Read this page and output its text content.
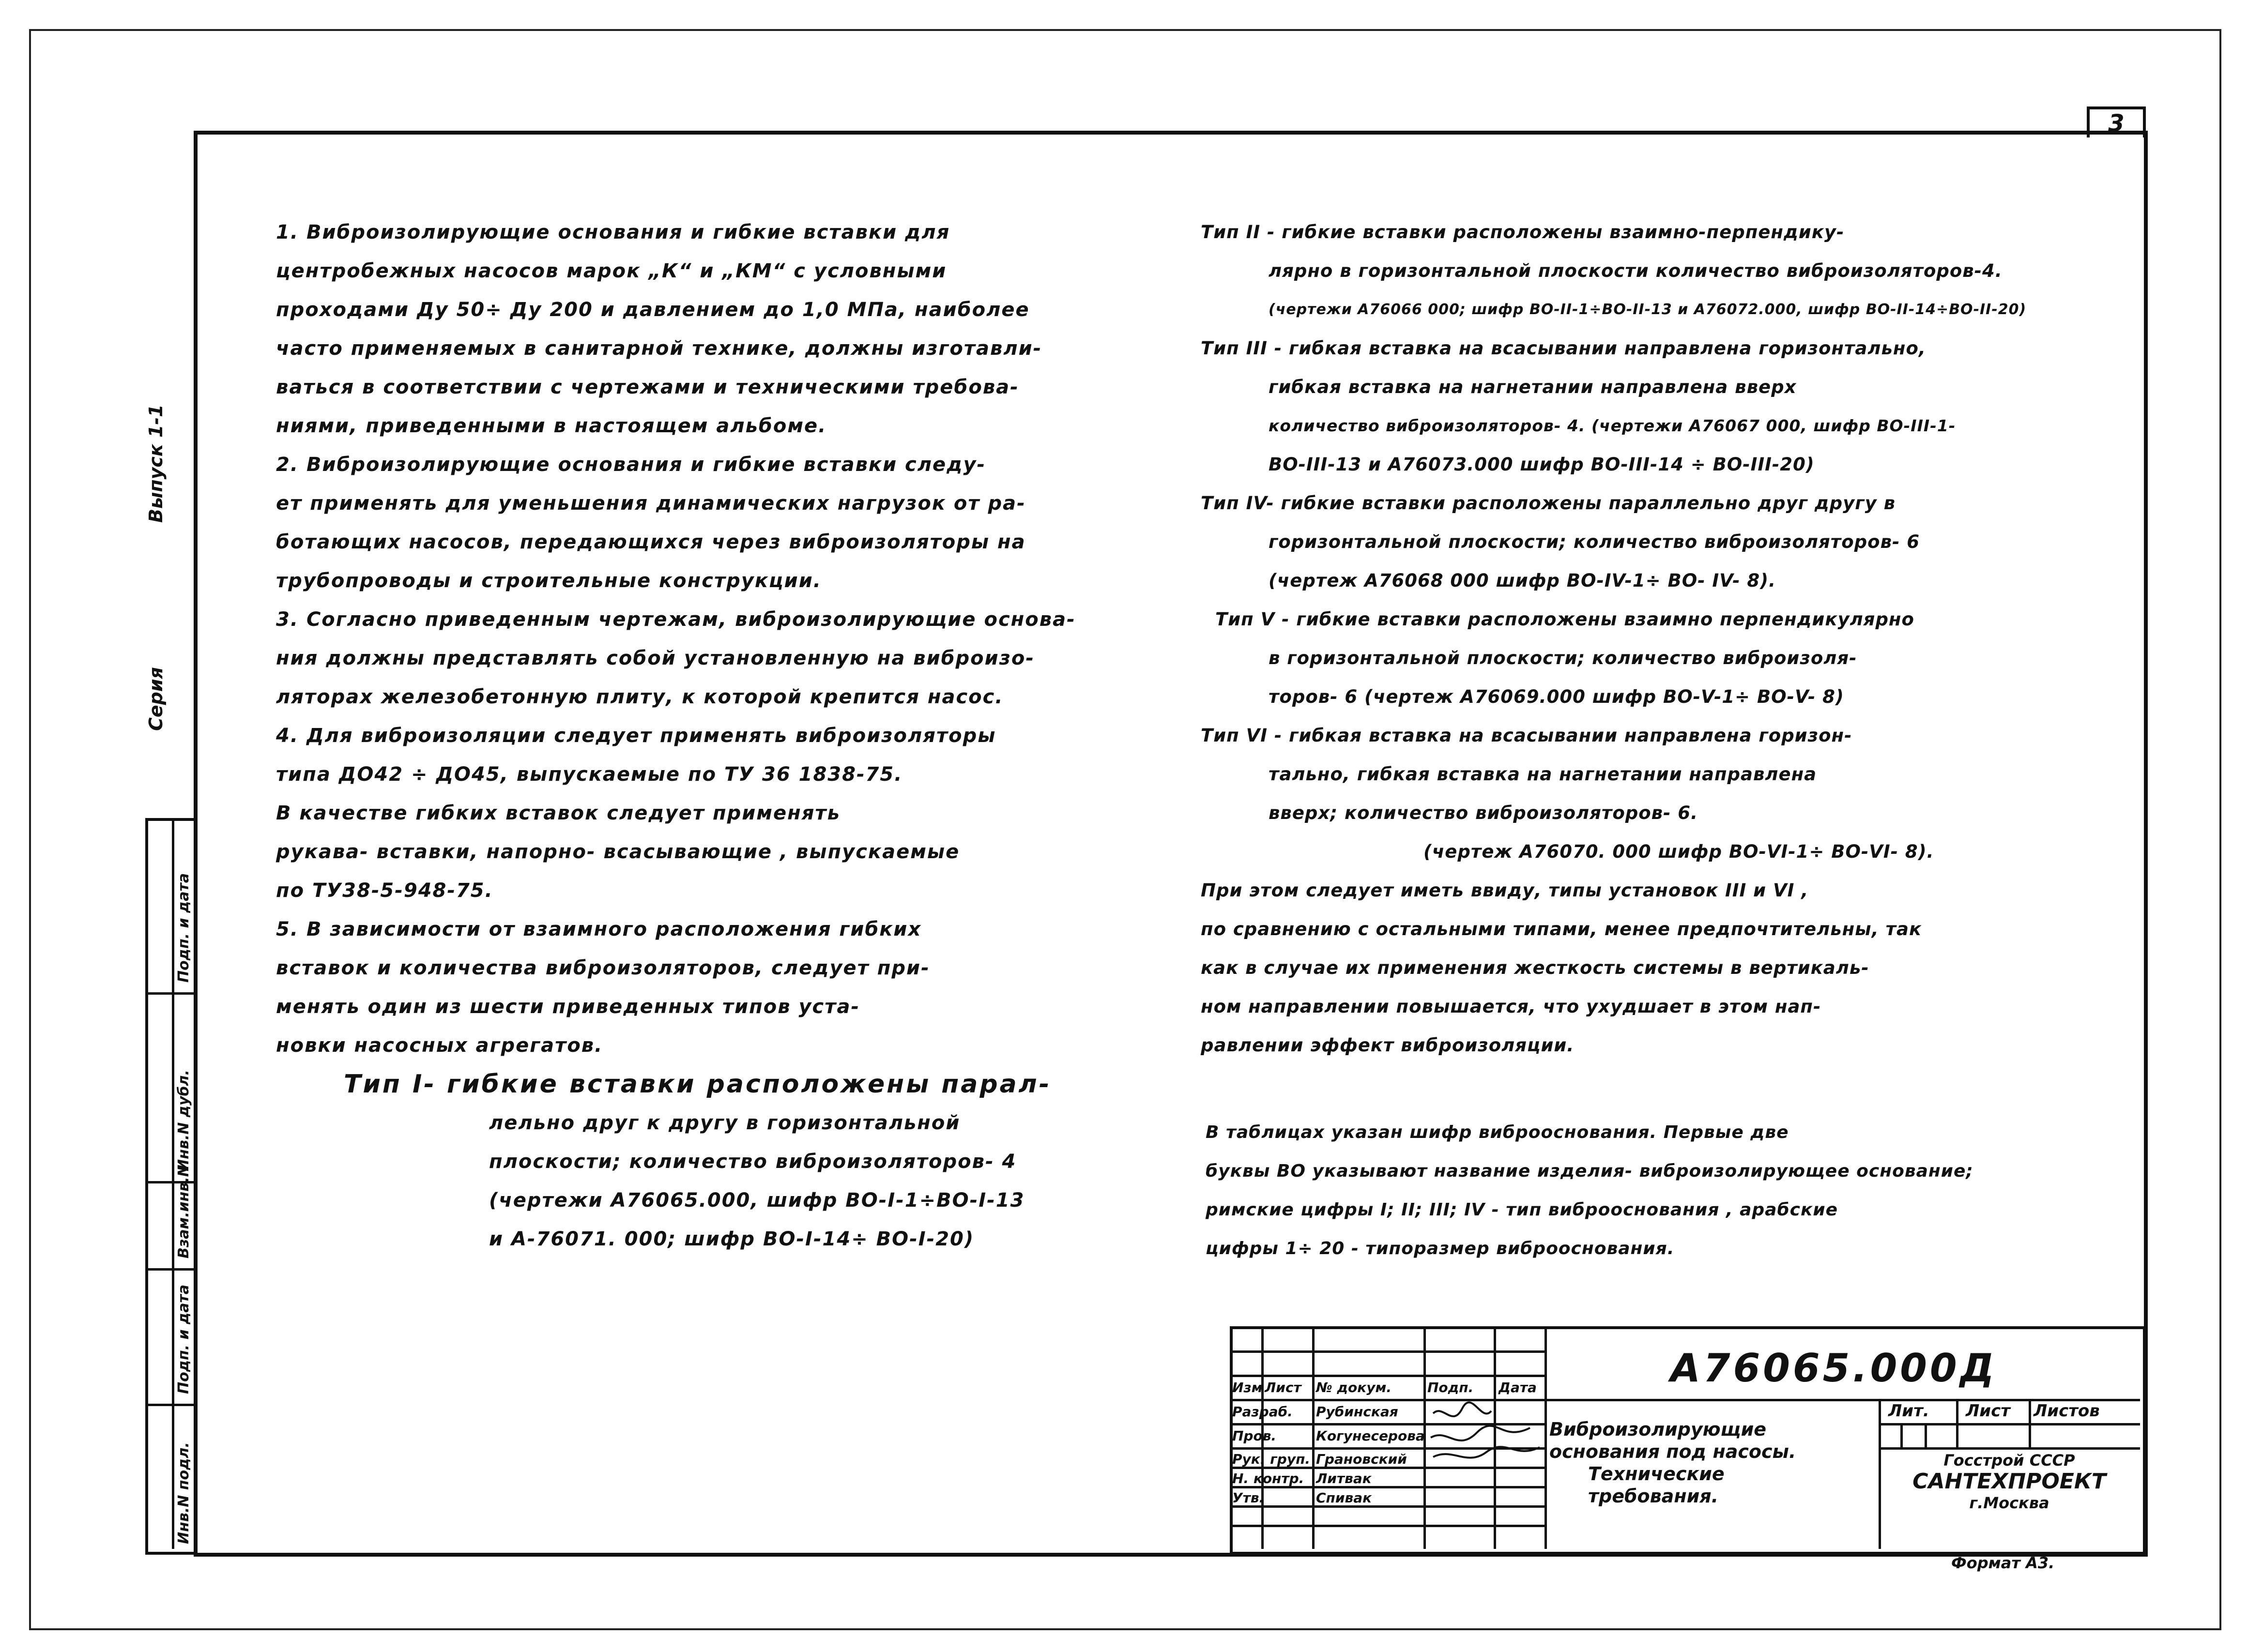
3
Серия
Выпуск 1-1
Инв.N подл.
Подп. и дата
Взам.инв.N
Инв.N дубл.
Подп. и дата
1. Виброизолирующие основания и гибкие вставки для
центробежных насосов марок „К“ и „КМ“ с условными
проходами Ду 50÷ Ду 200 и давлением до 1,0 МПа, наиболее
часто применяемых в санитарной технике, должны изготавли-
ваться в соответствии с чертежами и техническими требова-
ниями, приведенными в настоящем альбоме.
2. Виброизолирующие основания и гибкие вставки следу-
ет применять для уменьшения динамических нагрузок от ра-
ботающих насосов, передающихся через виброизоляторы на
трубопроводы и строительные конструкции.
3. Согласно приведенным чертежам, виброизолирующие основа-
ния должны представлять собой установленную на виброизо-
ляторах железобетонную плиту, к которой крепится насос.
4. Для виброизоляции следует применять виброизоляторы
типа ДО42 ÷ ДО45, выпускаемые по ТУ 36 1838-75.
В качестве гибких вставок следует применять
рукава- вставки, напорно- всасывающие , выпускаемые
по ТУ38-5-948-75.
5. В зависимости от взаимного расположения гибких
вставок и количества виброизоляторов, следует при-
менять один из шести приведенных типов уста-
новки насосных агрегатов.
Тип I- гибкие вставки расположены парал-
лельно друг к другу в горизонтальной
плоскости; количество виброизоляторов- 4
(чертежи А76065.000, шифр ВО-I-1÷ВО-I-13
и А-76071. 000; шифр ВО-I-14÷ ВО-I-20)
Тип II - гибкие вставки расположены взаимно-перпендику-
лярно в горизонтальной плоскости количество виброизоляторов-4.
(чертежи А76066 000; шифр ВО-II-1÷ВО-II-13 и А76072.000, шифр ВО-II-14÷ВО-II-20)
Тип III - гибкая вставка на всасывании направлена горизонтально,
гибкая вставка на нагнетании направлена вверх
количество виброизоляторов- 4. (чертежи А76067 000, шифр ВО-III-1-
ВО-III-13 и А76073.000 шифр ВО-III-14 ÷ ВО-III-20)
Тип IV- гибкие вставки расположены параллельно друг другу в
горизонтальной плоскости; количество виброизоляторов- 6
(чертеж А76068 000 шифр ВО-IV-1÷ ВО- IV- 8).
Тип V - гибкие вставки расположены взаимно перпендикулярно
в горизонтальной плоскости; количество виброизоля-
торов- 6 (чертеж А76069.000 шифр ВО-V-1÷ ВО-V- 8)
Тип VI - гибкая вставка на всасывании направлена горизон-
тально, гибкая вставка на нагнетании направлена
вверх; количество виброизоляторов- 6.
(чертеж А76070. 000 шифр ВО-VI-1÷ ВО-VI- 8).
При этом следует иметь ввиду, типы установок III и VI ,
по сравнению с остальными типами, менее предпочтительны, так
как в случае их применения жесткость системы в вертикаль-
ном направлении повышается, что ухудшает в этом нап-
равлении эффект виброизоляции.
В таблицах указан шифр виброоснования. Первые две
буквы ВО указывают название изделия- виброизолирующее основание;
римские цифры I; II; III; IV - тип виброоснования , арабские
цифры 1÷ 20 - типоразмер виброоснования.
Изм Лист № докум.	Подп. Дата
Разраб. Рубинская
Пров.	Когунесерова
Рук. груп. Грановский
Н. контр. Литвак
Утв.	Спивак
А76065.000Д
Виброизолирующие
основания под насосы.
Технические
требования.
Лит. Лист Листов
Госстрой СССР
САНТЕХПРОЕКТ
г.Москва
Формат А3.
